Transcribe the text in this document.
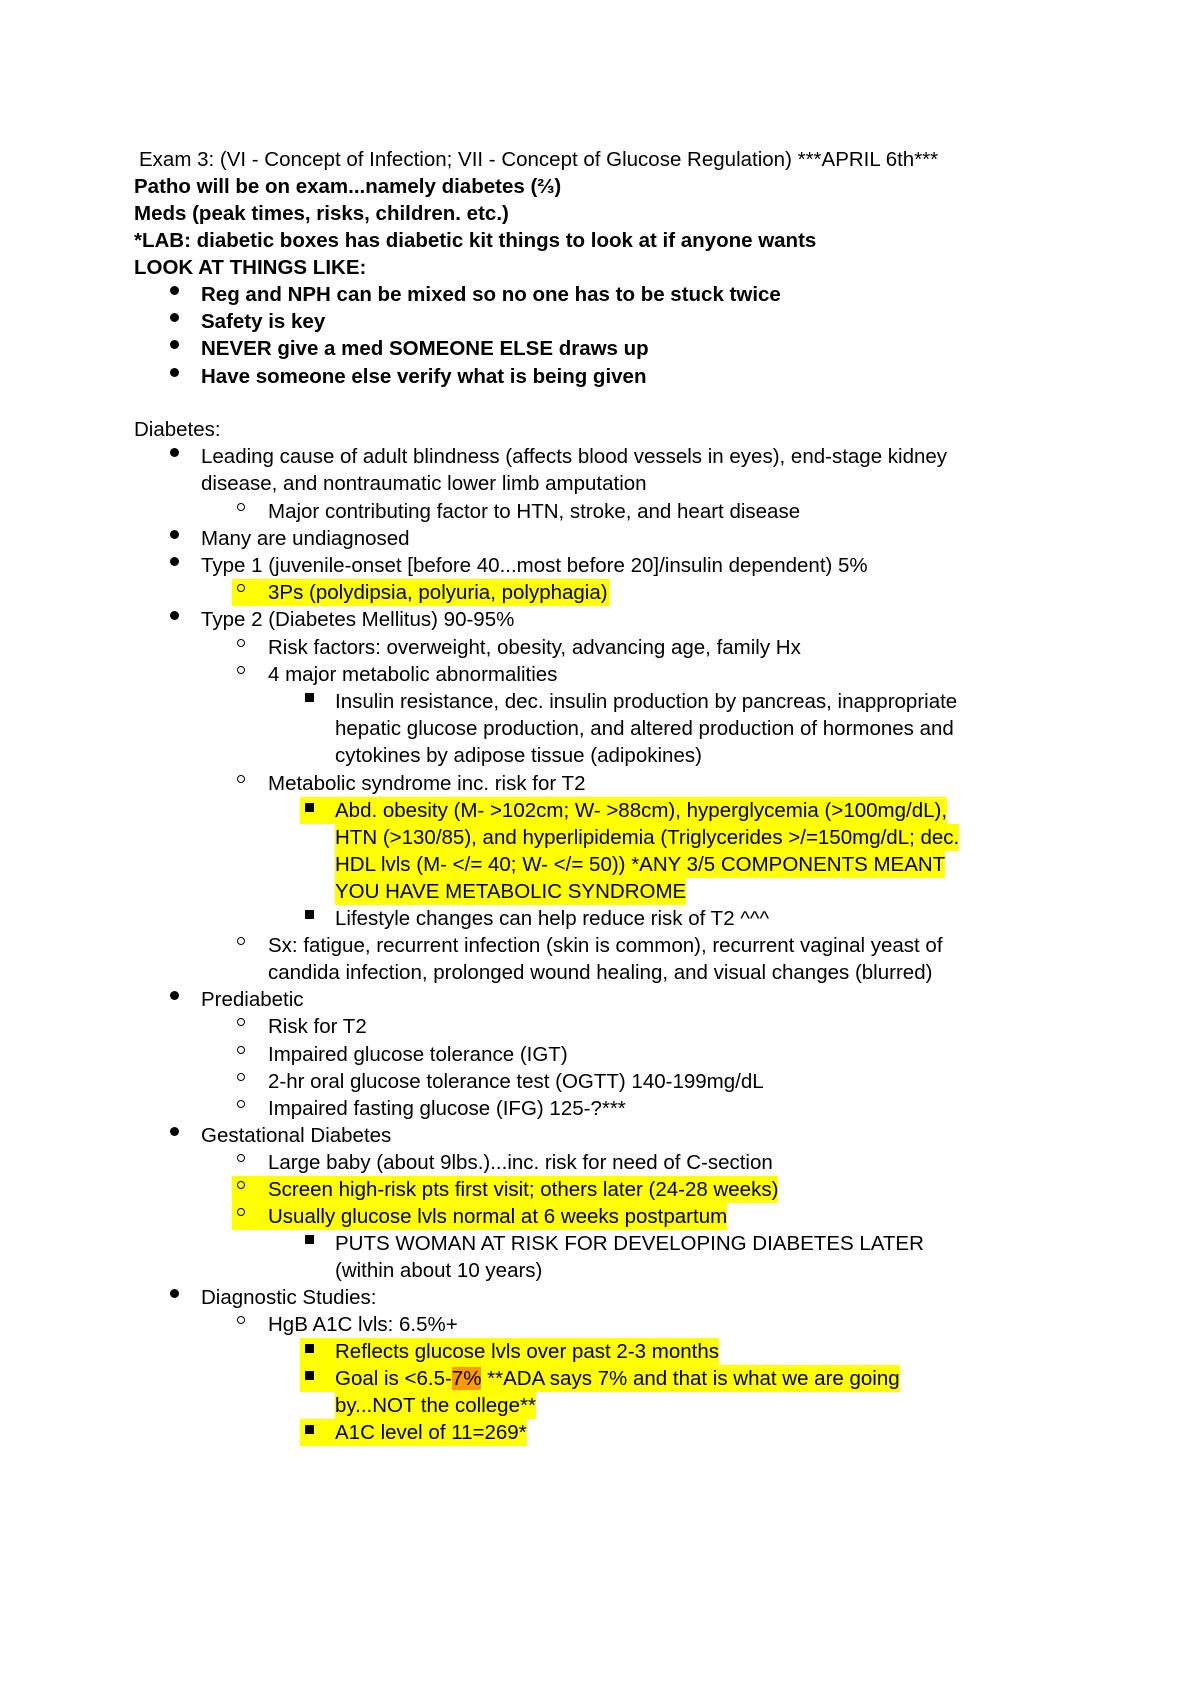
Exam 3: (VI - Concept of Infection; VII - Concept of Glucose Regulation) ***APRIL 6th***
Patho will be on exam...namely diabetes (⅔)
Meds (peak times, risks, children. etc.)
*LAB: diabetic boxes has diabetic kit things to look at if anyone wants
LOOK AT THINGS LIKE:
Reg and NPH can be mixed so no one has to be stuck twice
Safety is key
NEVER give a med SOMEONE ELSE draws up
Have someone else verify what is being given
Diabetes:
Leading cause of adult blindness (affects blood vessels in eyes), end-stage kidney
disease, and nontraumatic lower limb amputation
Major contributing factor to HTN, stroke, and heart disease
Many are undiagnosed
Type 1 (juvenile-onset [before 40...most before 20]/insulin dependent) 5%
3Ps (polydipsia, polyuria, polyphagia)
Type 2 (Diabetes Mellitus) 90-95%
Risk factors: overweight, obesity, advancing age, family Hx
4 major metabolic abnormalities
Insulin resistance, dec. insulin production by pancreas, inappropriate
hepatic glucose production, and altered production of hormones and
cytokines by adipose tissue (adipokines)
Metabolic syndrome inc. risk for T2
Abd. obesity (M- >102cm; W- >88cm), hyperglycemia (>100mg/dL),
HTN (>130/85), and hyperlipidemia (Triglycerides >/=150mg/dL; dec.
HDL lvls (M- </= 40; W- </= 50)) *ANY 3/5 COMPONENTS MEANT
YOU HAVE METABOLIC SYNDROME
Lifestyle changes can help reduce risk of T2 ^^^
Sx: fatigue, recurrent infection (skin is common), recurrent vaginal yeast of
candida infection, prolonged wound healing, and visual changes (blurred)
Prediabetic
Risk for T2
Impaired glucose tolerance (IGT)
2-hr oral glucose tolerance test (OGTT) 140-199mg/dL
Impaired fasting glucose (IFG) 125-?***
Gestational Diabetes
Large baby (about 9lbs.)...inc. risk for need of C-section
Screen high-risk pts first visit; others later (24-28 weeks)
Usually glucose lvls normal at 6 weeks postpartum
PUTS WOMAN AT RISK FOR DEVELOPING DIABETES LATER
(within about 10 years)
Diagnostic Studies:
HgB A1C lvls: 6.5%+
Reflects glucose lvls over past 2-3 months
Goal is <6.5-7% **ADA says 7% and that is what we are going
by...NOT the college**
A1C level of 11=269*
